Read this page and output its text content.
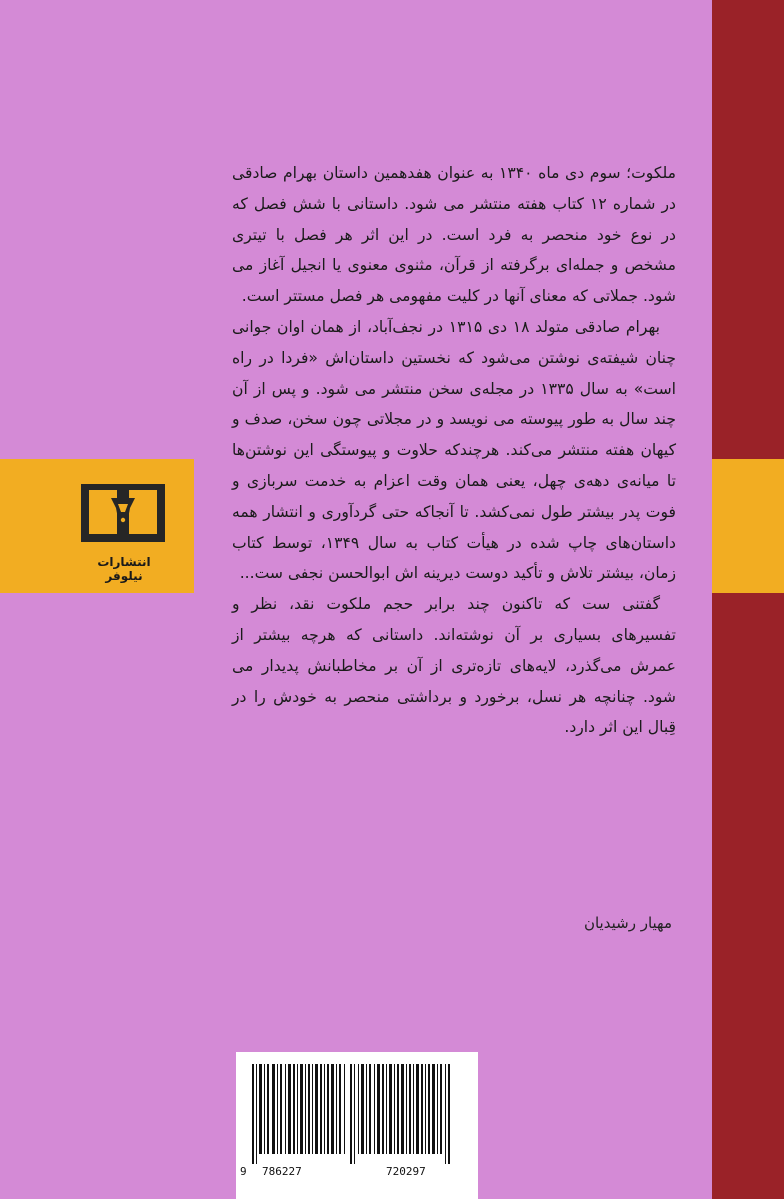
انتشارات نیلوفر

ملکوت؛ سوم دی ماه ۱۳۴۰ به عنوان هفدهمین داستان بهرام صادقی در شماره ۱۲ کتاب هفته منتشر می شود. داستانی با شش فصل که در نوع خود منحصر به فرد است. در این اثر هر فصل با تیتری مشخص و جمله‌ای برگرفته از قرآن، مثنوی معنوی یا انجیل آغاز می شود. جملاتی که معنای آنها در کلیت مفهومی هر فصل مستتر است.

بهرام صادقی متولد ۱۸ دی ۱۳۱۵ در نجف‌آباد، از همان اوان جوانی چنان شیفته‌ی نوشتن می‌شود که نخستین داستان‌اش «فردا در راه است» به سال ۱۳۳۵ در مجله‌ی سخن منتشر می شود. و پس از آن چند سال به طور پیوسته می نویسد و در مجلاتی چون سخن، صدف و کیهان هفته منتشر می‌کند. هرچندکه حلاوت و پیوستگی این نوشتن‌ها تا میانه‌ی دهه‌ی چهل، یعنی همان وقت اعزام به خدمت سربازی و فوت پدر بیشتر طول نمی‌کشد. تا آنجاکه حتی گردآوری و انتشار همه داستان‌های چاپ شده در هیأت کتاب به سال ۱۳۴۹، توسط کتاب زمان، بیشتر تلاش و تأکید دوست دیرینه اش ابوالحسن نجفی ست...

گفتنی ست که تاکنون چند برابر حجم ملکوت نقد، نظر و تفسیرهای بسیاری بر آن نوشته‌اند. داستانی که هرچه بیشتر از عمرش می‌گذرد، لایه‌های تازه‌تری از آن بر مخاطبانش پدیدار می شود. چنانچه هر نسل، برخورد و برداشتی منحصر به خودش را در قِبال این اثر دارد.

مهیار رشیدیان
9 786227	720297
